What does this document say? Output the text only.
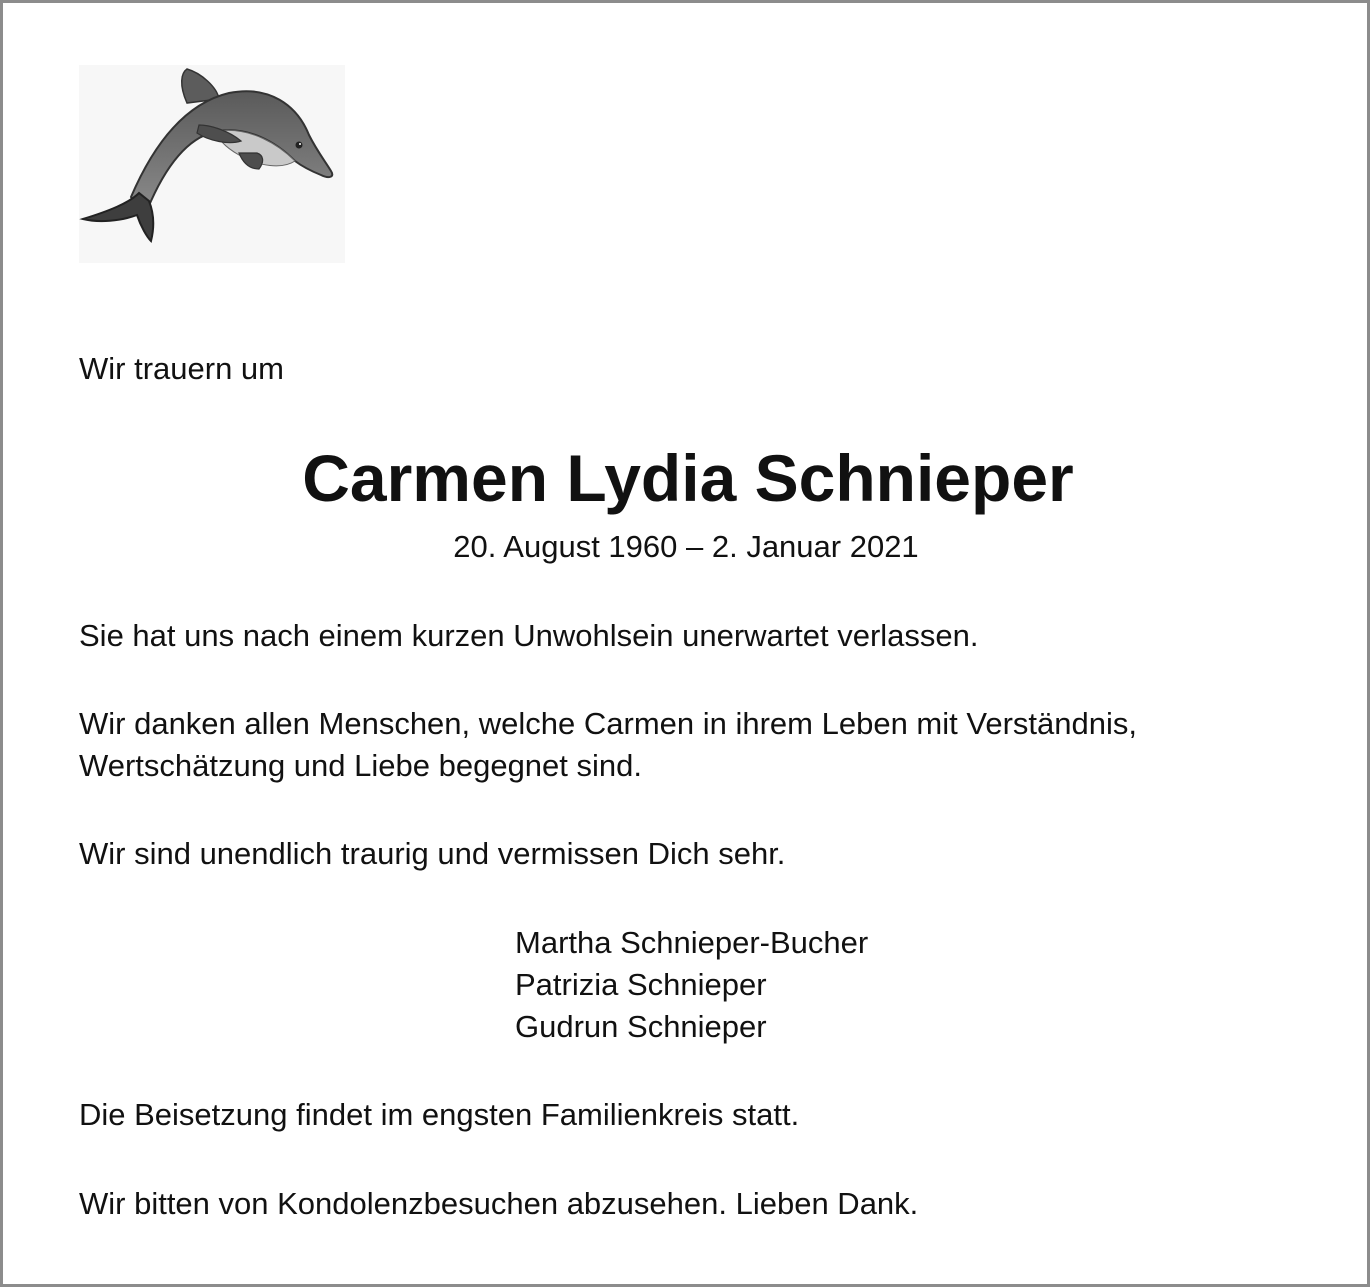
Wir trauern um

Carmen Lydia Schnieper

20. August 1960 – 2. Januar 2021

Sie hat uns nach einem kurzen Unwohlsein unerwartet verlassen.

Wir danken allen Menschen, welche Carmen in ihrem Leben mit Verständnis,
Wertschätzung und Liebe begegnet sind.

Wir sind unendlich traurig und vermissen Dich sehr.

Martha Schnieper-Bucher
Patrizia Schnieper
Gudrun Schnieper

Die Beisetzung findet im engsten Familienkreis statt.

Wir bitten von Kondolenzbesuchen abzusehen. Lieben Dank.
